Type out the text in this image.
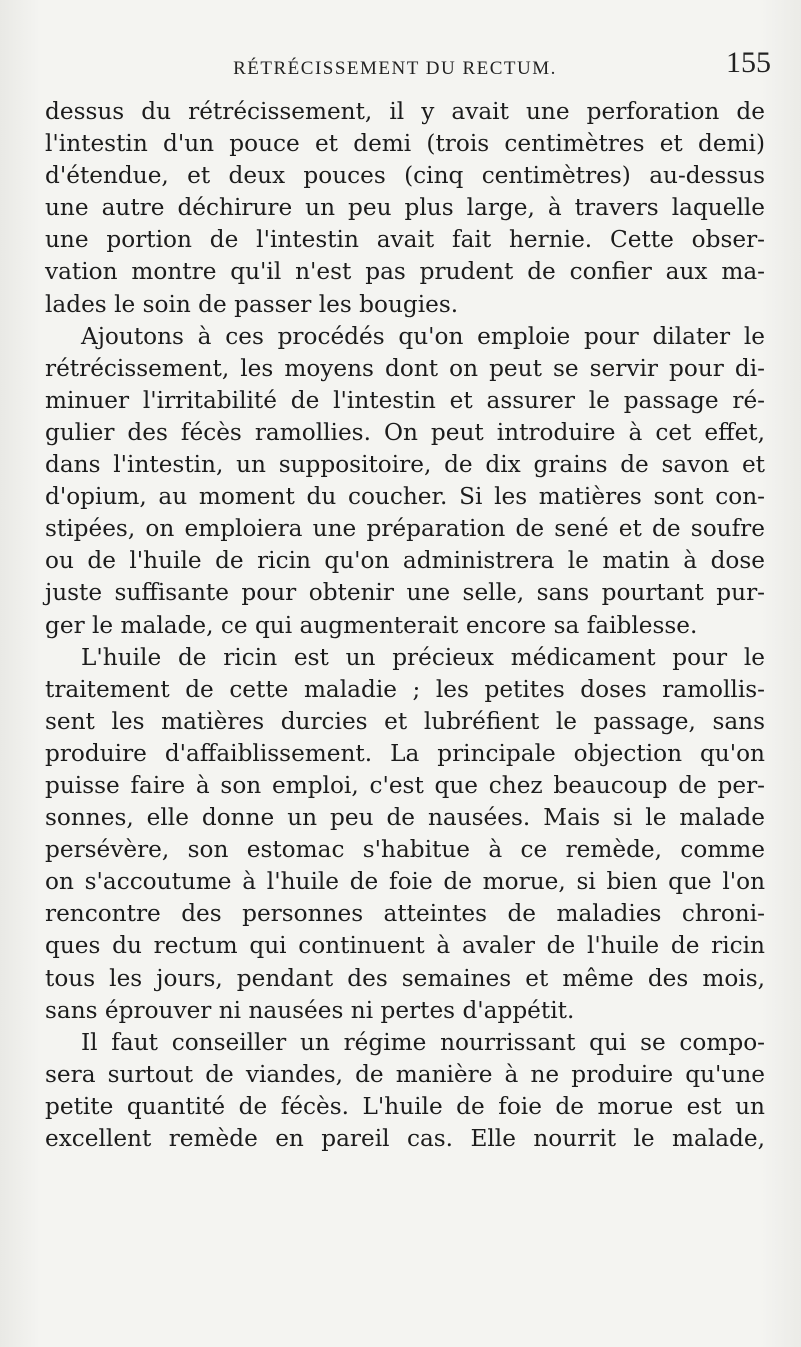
RÉTRÉCISSEMENT DU RECTUM.	155
dessus du rétrécissement, il y avait une perforation de
l'intestin d'un pouce et demi (trois centimètres et demi)
d'étendue, et deux pouces (cinq centimètres) au-dessus
une autre déchirure un peu plus large, à travers laquelle
une portion de l'intestin avait fait hernie. Cette obser-
vation montre qu'il n'est pas prudent de confier aux ma-
lades le soin de passer les bougies.
Ajoutons à ces procédés qu'on emploie pour dilater le
rétrécissement, les moyens dont on peut se servir pour di-
minuer l'irritabilité de l'intestin et assurer le passage ré-
gulier des fécès ramollies. On peut introduire à cet effet,
dans l'intestin, un suppositoire, de dix grains de savon et
d'opium, au moment du coucher. Si les matières sont con-
stipées, on emploiera une préparation de sené et de soufre
ou de l'huile de ricin qu'on administrera le matin à dose
juste suffisante pour obtenir une selle, sans pourtant pur-
ger le malade, ce qui augmenterait encore sa faiblesse.
L'huile de ricin est un précieux médicament pour le
traitement de cette maladie ; les petites doses ramollis-
sent les matières durcies et lubréfient le passage, sans
produire d'affaiblissement. La principale objection qu'on
puisse faire à son emploi, c'est que chez beaucoup de per-
sonnes, elle donne un peu de nausées. Mais si le malade
persévère, son estomac s'habitue à ce remède, comme
on s'accoutume à l'huile de foie de morue, si bien que l'on
rencontre des personnes atteintes de maladies chroni-
ques du rectum qui continuent à avaler de l'huile de ricin
tous les jours, pendant des semaines et même des mois,
sans éprouver ni nausées ni pertes d'appétit.
Il faut conseiller un régime nourrissant qui se compo-
sera surtout de viandes, de manière à ne produire qu'une
petite quantité de fécès. L'huile de foie de morue est un
excellent remède en pareil cas. Elle nourrit le malade,
